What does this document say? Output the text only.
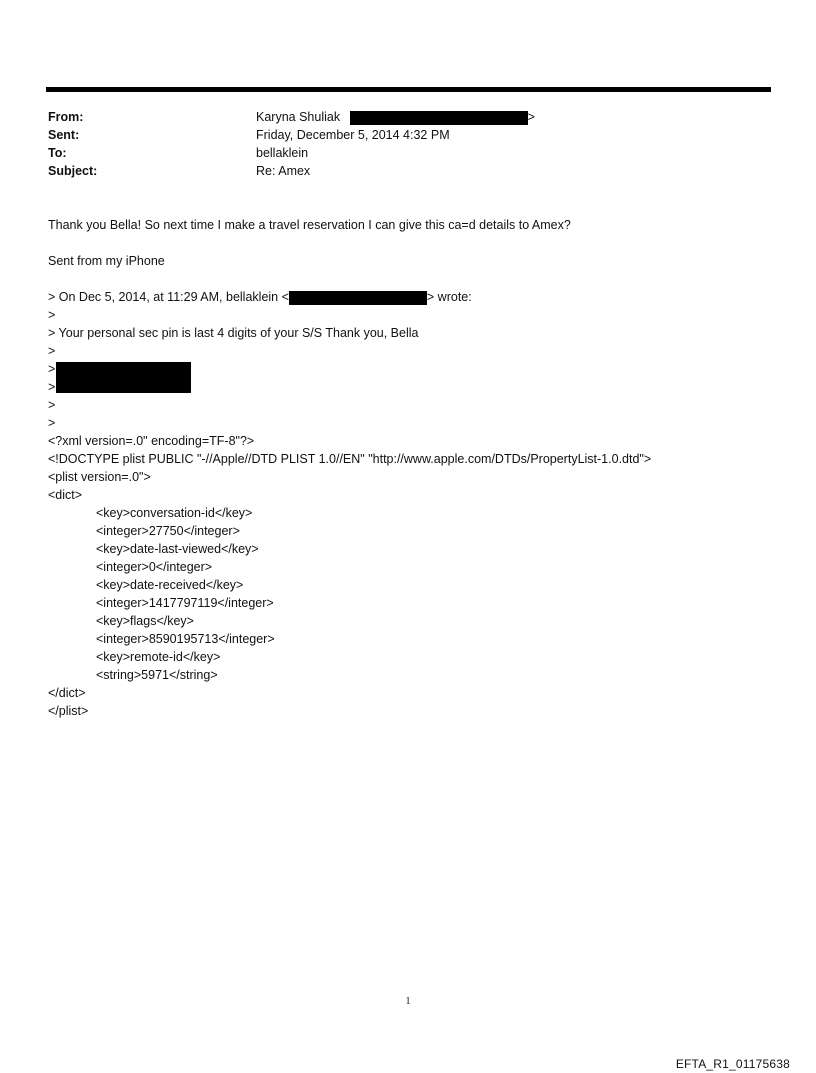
From:	Karyna Shuliak	>
Sent:	Friday, December 5, 2014 4:32 PM
To:	bellaklein
Subject:	Re: Amex
Thank you Bella! So next time I make a travel reservation I can give this ca=d details to Amex?
Sent from my iPhone
> On Dec 5, 2014, at 11:29 AM, bellaklein <	> wrote:
>
> Your personal sec pin is last 4 digits of your S/S Thank you, Bella
>
>
>
>
>
<?xml version=.0" encoding=TF-8"?>
<!DOCTYPE plist PUBLIC "-//Apple//DTD PLIST 1.0//EN" "http://www.apple.com/DTDs/PropertyList-1.0.dtd">
<plist version=.0">
<dict>
<key>conversation-id</key>
<integer>27750</integer>
<key>date-last-viewed</key>
<integer>0</integer>
<key>date-received</key>
<integer>1417797119</integer>
<key>flags</key>
<integer>8590195713</integer>
<key>remote-id</key>
<string>5971</string>
</dict>
</plist>
1
EFTA_R1_01175638
